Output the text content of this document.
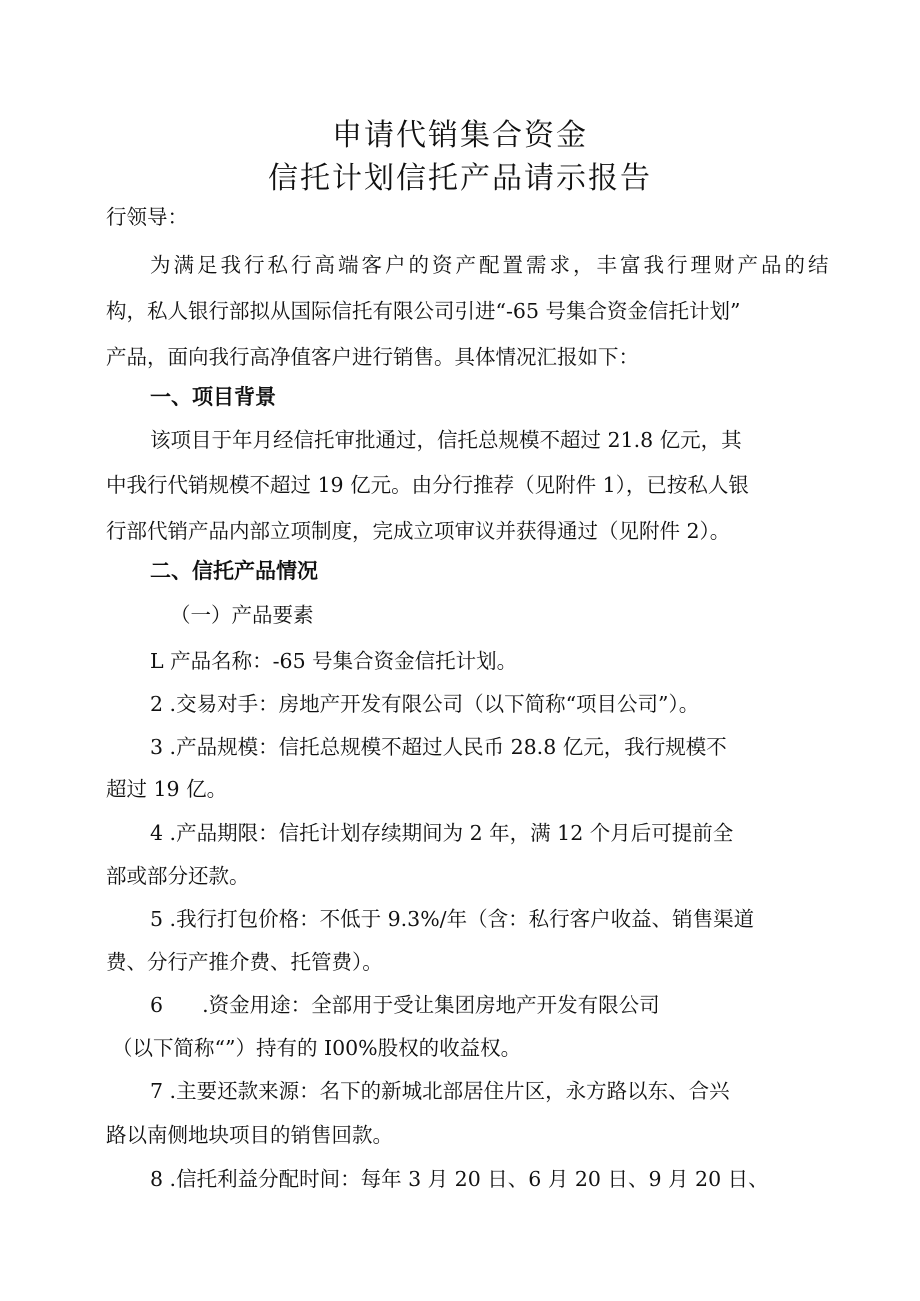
申请代销集合资金
信托计划信托产品请示报告
行领导：
为满足我行私行高端客户的资产配置需求，丰富我行理财产品的结
构，私人银行部拟从国际信托有限公司引进“-65 号集合资金信托计划”
产品，面向我行高净值客户进行销售。具体情况汇报如下：
一、项目背景
该项目于年月经信托审批通过，信托总规模不超过 21.8 亿元，其
中我行代销规模不超过 19 亿元。由分行推荐（见附件 1），已按私人银
行部代销产品内部立项制度，完成立项审议并获得通过（见附件 2）。
二、信托产品情况
（一）产品要素
L 产品名称：-65 号集合资金信托计划。
2 .交易对手：房地产开发有限公司（以下简称“项目公司”）。
3 .产品规模：信托总规模不超过人民币 28.8 亿元，我行规模不
超过 19 亿。
4 .产品期限：信托计划存续期间为 2 年，满 12 个月后可提前全
部或部分还款。
5 .我行打包价格：不低于 9.3%/年（含：私行客户收益、销售渠道
费、分行产推介费、托管费）。
6      .资金用途：全部用于受让集团房地产开发有限公司
（以下简称“”）持有的 I00%股权的收益权。
7 .主要还款来源：名下的新城北部居住片区，永方路以东、合兴
路以南侧地块项目的销售回款。
8 .信托利益分配时间：每年 3 月 20 日、6 月 20 日、9 月 20 日、
